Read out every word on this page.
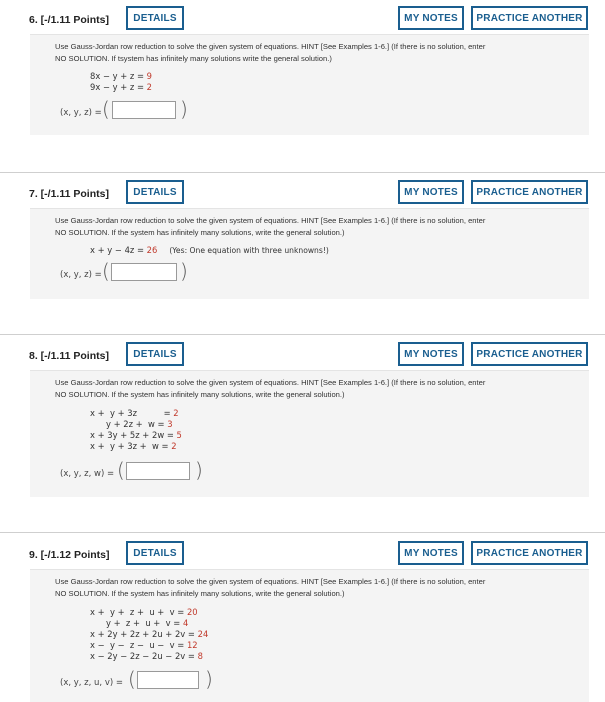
6. [-/1.11 Points]	DETAILS	MY NOTES	PRACTICE ANOTHER
Use Gauss-Jordan row reduction to solve the given system of equations. HINT [See Examples 1-6.] (If there is no solution, enter
NO SOLUTION. If tsystem has infinitely many solutions write the general solution.)
8x − y + z = 9
9x − y + z = 2
(x, y, z) = (	)
7. [-/1.11 Points]	DETAILS	MY NOTES	PRACTICE ANOTHER
Use Gauss-Jordan row reduction to solve the given system of equations. HINT [See Examples 1-6.] (If there is no solution, enter
NO SOLUTION. If the system has infinitely many solutions, write the general solution.)
x + y − 4z = 26 (Yes: One equation with three unknowns!)
(x, y, z) = (	)
8. [-/1.11 Points]	DETAILS	MY NOTES	PRACTICE ANOTHER
Use Gauss-Jordan row reduction to solve the given system of equations. HINT [See Examples 1-6.] (If there is no solution, enter
NO SOLUTION. If the system has infinitely many solutions, write the general solution.)
x +  y + 3z          = 2
y + 2z +  w = 3
x + 3y + 5z + 2w = 5
x +  y + 3z +  w = 2
(x, y, z, w) = (	)
9. [-/1.12 Points]	DETAILS	MY NOTES	PRACTICE ANOTHER
Use Gauss-Jordan row reduction to solve the given system of equations. HINT [See Examples 1-6.] (If there is no solution, enter
NO SOLUTION. If the system has infinitely many solutions, write the general solution.)
x +  y +  z +  u +  v = 20
y +  z +  u +  v = 4
x + 2y + 2z + 2u + 2v = 24
x −  y −  z −  u −  v = 12
x − 2y − 2z − 2u − 2v = 8
(x, y, z, u, v) = (	)
